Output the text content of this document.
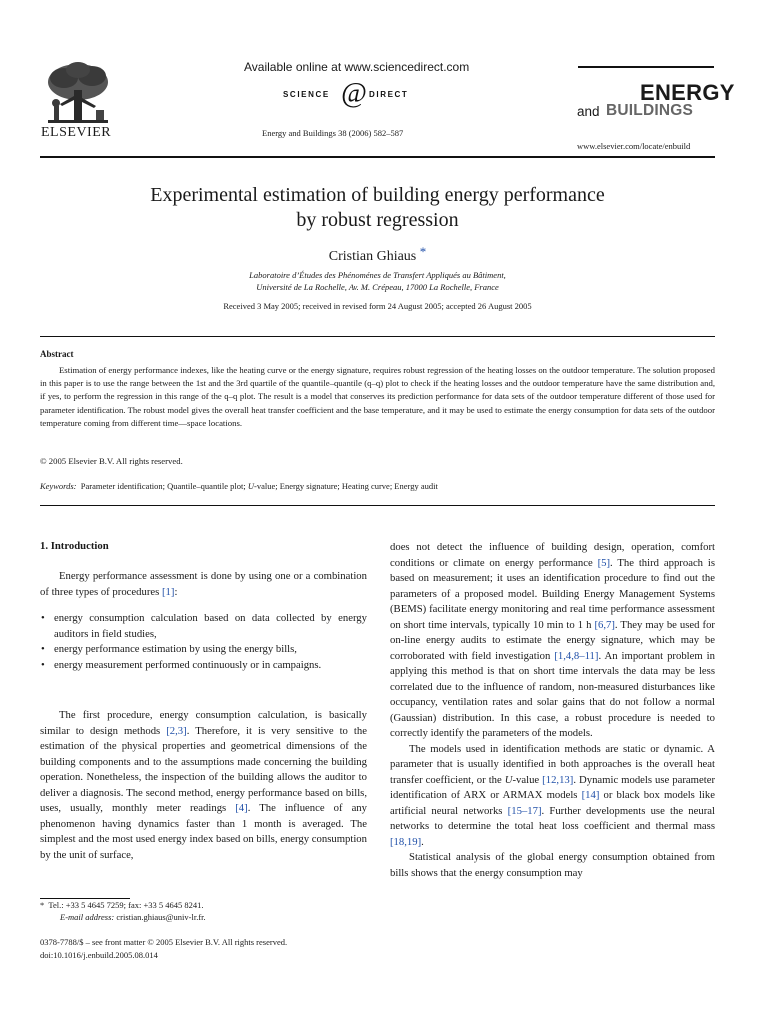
ELSEVIER
Available online at www.sciencedirect.com
SCIENCE @ DIRECT
Energy and Buildings 38 (2006) 582–587
ENERGY
and BUILDINGS
www.elsevier.com/locate/enbuild
Experimental estimation of building energy performance
by robust regression
Cristian Ghiaus *
Laboratoire d’Études des Phénoménes de Transfert Appliqués au Bâtiment,
Université de La Rochelle, Av. M. Crépeau, 17000 La Rochelle, France
Received 3 May 2005; received in revised form 24 August 2005; accepted 26 August 2005
Abstract
Estimation of energy performance indexes, like the heating curve or the energy signature, requires robust regression of the heating losses on the outdoor temperature. The solution proposed in this paper is to use the range between the 1st and the 3rd quartile of the quantile–quantile (q–q) plot to check if the heating losses and the outdoor temperature have the same distribution and, if yes, to perform the regression in this range of the q–q plot. The result is a model that conserves its prediction performance for data sets of the outdoor temperature different of those used for parameter identification. The robust model gives the overall heat transfer coefficient and the base temperature, and it may be used to estimate the energy consumption for data sets of the outdoor temperature coming from different time—space locations.
© 2005 Elsevier B.V. All rights reserved.
Keywords: Parameter identification; Quantile–quantile plot; U-value; Energy signature; Heating curve; Energy audit
1. Introduction

Energy performance assessment is done by using one or a combination of three types of procedures [1]:

• energy consumption calculation based on data collected by energy auditors in field studies,
• energy performance estimation by using the energy bills,
• energy measurement performed continuously or in campaigns.

The first procedure, energy consumption calculation, is basically similar to design methods [2,3]. Therefore, it is very sensitive to the estimation of the physical properties and geometrical dimensions of the building components and to the assumptions made concerning the building operation. Nonetheless, the inspection of the building allows the auditor to deliver a diagnosis. The second method, energy performance based on bills, uses, usually, monthly meter readings [4]. The influence of any phenomenon having dynamics faster than 1 month is averaged. The simplest and the most used energy index based on bills, energy consumption by the unit of surface,

does not detect the influence of building design, operation, comfort conditions or climate on energy performance [5]. The third approach is based on measurement; it uses an identification procedure to find out the parameters of a proposed model. Building Energy Management Systems (BEMS) facilitate energy monitoring and real time performance assessment on short time intervals, typically 10 min to 1 h [6,7]. They may be used for on-line energy audits to estimate the energy signature, which may be corroborated with field investigation [1,4,8–11]. An important problem in applying this method is that on short time intervals the data may be less correlated due to the influence of random, non-measured disturbances like occupancy, ventilation rates and solar gains that do not follow a normal (Gaussian) distribution. In this case, a robust procedure is needed to correctly identify the parameters of the models.

The models used in identification methods are static or dynamic. A parameter that is usually identified in both approaches is the overall heat transfer coefficient, or the U-value [12,13]. Dynamic models use parameter identification of ARX or ARMAX models [14] or black box models like artificial neural networks [15–17]. Further developments use the neural networks to determine the total heat loss coefficient and thermal mass [18,19].

Statistical analysis of the global energy consumption obtained from bills shows that the energy consumption may

* Tel.: +33 5 4645 7259; fax: +33 5 4645 8241.
E-mail address: cristian.ghiaus@univ-lr.fr.
0378-7788/$ – see front matter © 2005 Elsevier B.V. All rights reserved.
doi:10.1016/j.enbuild.2005.08.014
